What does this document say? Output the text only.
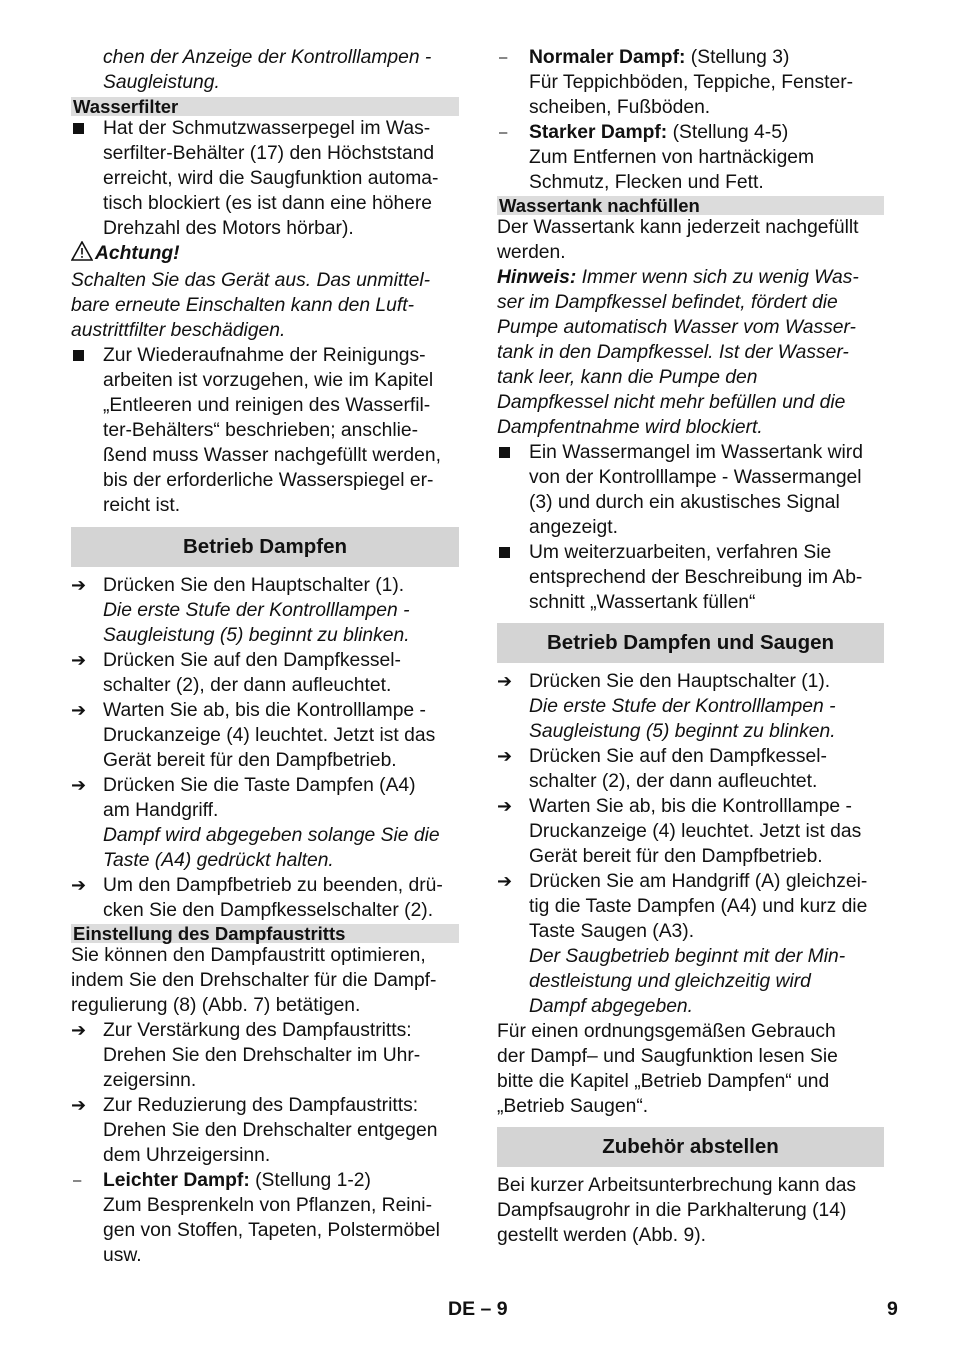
chen der Anzeige der Kontrolllampen -
Saugleistung.

Wasserfilter
Hat der Schmutzwasserpegel im Was-
serfilter-Behälter (17) den Höchststand
erreicht, wird die Saugfunktion automa-
tisch blockiert (es ist dann eine höhere
Drehzahl des Motors hörbar).

Achtung!

Schalten Sie das Gerät aus. Das unmittel-
bare erneute Einschalten kann den Luft-
austrittfilter beschädigen.
Zur Wiederaufnahme der Reinigungs-
arbeiten ist vorzugehen, wie im Kapitel
„Entleeren und reinigen des Wasserfil-
ter-Behälters“ beschrieben; anschlie-
ßend muss Wasser nachgefüllt werden,
bis der erforderliche Wasserspiegel er-
reicht ist.
Betrieb Dampfen
➔ Drücken Sie den Hauptschalter (1).
Die erste Stufe der Kontrolllampen -
Saugleistung (5) beginnt zu blinken.
➔ Drücken Sie auf den Dampfkessel-
schalter (2), der dann aufleuchtet.
➔ Warten Sie ab, bis die Kontrolllampe -
Druckanzeige (4) leuchtet. Jetzt ist das
Gerät bereit für den Dampfbetrieb.
➔ Drücken Sie die Taste Dampfen (A4)
am Handgriff.
Dampf wird abgegeben solange Sie die
Taste (A4) gedrückt halten.
➔ Um den Dampfbetrieb zu beenden, drü-
cken Sie den Dampfkesselschalter (2).
Einstellung des Dampfaustritts
Sie können den Dampfaustritt optimieren,
indem Sie den Drehschalter für die Dampf-
regulierung (8) (Abb. 7) betätigen.
➔ Zur Verstärkung des Dampfaustritts:
Drehen Sie den Drehschalter im Uhr-
zeigersinn.
➔ Zur Reduzierung des Dampfaustritts:
Drehen Sie den Drehschalter entgegen
dem Uhrzeigersinn.
–	Leichter Dampf: (Stellung 1-2)
Zum Besprenkeln von Pflanzen, Reini-
gen von Stoffen, Tapeten, Polstermöbel
usw.
–	Normaler Dampf: (Stellung 3)
Für Teppichböden, Teppiche, Fenster-
scheiben, Fußböden.
–	Starker Dampf: (Stellung 4-5)
Zum Entfernen von hartnäckigem
Schmutz, Flecken und Fett.
Wassertank nachfüllen
Der Wassertank kann jederzeit nachgefüllt
werden.
Hinweis: Immer wenn sich zu wenig Was-
ser im Dampfkessel befindet, fördert die
Pumpe automatisch Wasser vom Wasser-
tank in den Dampfkessel. Ist der Wasser-
tank leer, kann die Pumpe den
Dampfkessel nicht mehr befüllen und die
Dampfentnahme wird blockiert.
Ein Wassermangel im Wassertank wird
von der Kontrolllampe - Wassermangel
(3) und durch ein akustisches Signal
angezeigt.
Um weiterzuarbeiten, verfahren Sie
entsprechend der Beschreibung im Ab-
schnitt „Wassertank füllen“
Betrieb Dampfen und Saugen
➔ Drücken Sie den Hauptschalter (1).
Die erste Stufe der Kontrolllampen -
Saugleistung (5) beginnt zu blinken.
➔ Drücken Sie auf den Dampfkessel-
schalter (2), der dann aufleuchtet.
➔ Warten Sie ab, bis die Kontrolllampe -
Druckanzeige (4) leuchtet. Jetzt ist das
Gerät bereit für den Dampfbetrieb.
➔ Drücken Sie am Handgriff (A) gleichzei-
tig die Taste Dampfen (A4) und kurz die
Taste Saugen (A3).
Der Saugbetrieb beginnt mit der Min-
destleistung und gleichzeitig wird
Dampf abgegeben.
Für einen ordnungsgemäßen Gebrauch
der Dampf– und Saugfunktion lesen Sie
bitte die Kapitel „Betrieb Dampfen“ und
„Betrieb Saugen“.
Zubehör abstellen
Bei kurzer Arbeitsunterbrechung kann das
Dampfsaugrohr in die Parkhalterung (14)
gestellt werden (Abb. 9).
DE – 9	9
